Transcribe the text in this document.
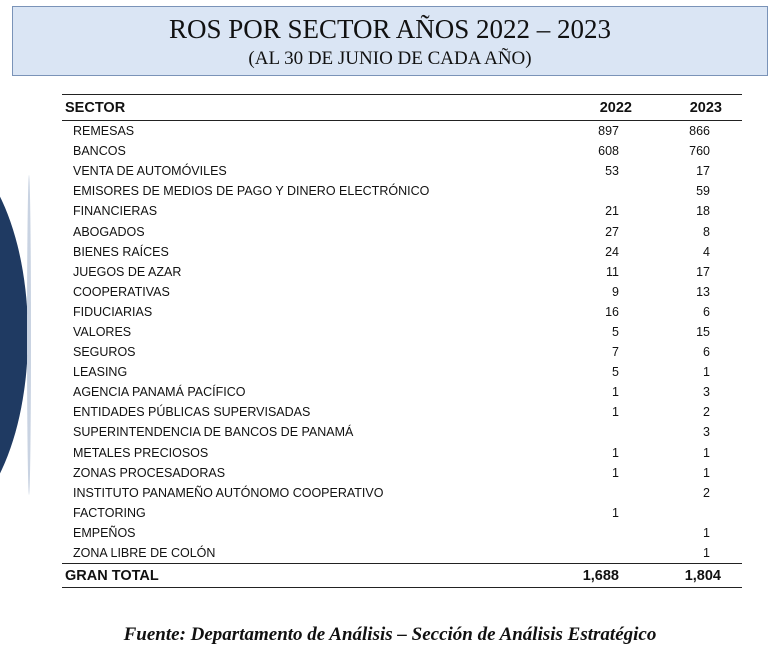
ROS POR SECTOR AÑOS 2022 – 2023
(AL 30 DE JUNIO DE CADA AÑO)
SECTOR	2022	2023
REMESAS	897	866
BANCOS	608	760
VENTA DE AUTOMÓVILES	53	17
EMISORES DE MEDIOS DE PAGO Y DINERO ELECTRÓNICO		59
FINANCIERAS	21	18
ABOGADOS	27	8
BIENES RAÍCES	24	4
JUEGOS DE AZAR	11	17
COOPERATIVAS	9	13
FIDUCIARIAS	16	6
VALORES	5	15
SEGUROS	7	6
LEASING	5	1
AGENCIA PANAMÁ PACÍFICO	1	3
ENTIDADES PÚBLICAS SUPERVISADAS	1	2
SUPERINTENDENCIA DE BANCOS DE PANAMÁ		3
METALES PRECIOSOS	1	1
ZONAS PROCESADORAS	1	1
INSTITUTO PANAMEÑO AUTÓNOMO COOPERATIVO		2
FACTORING	1	
EMPEÑOS		1
ZONA LIBRE DE COLÓN		1
GRAN TOTAL	1,688	1,804
Fuente: Departamento de Análisis – Sección de Análisis Estratégico
